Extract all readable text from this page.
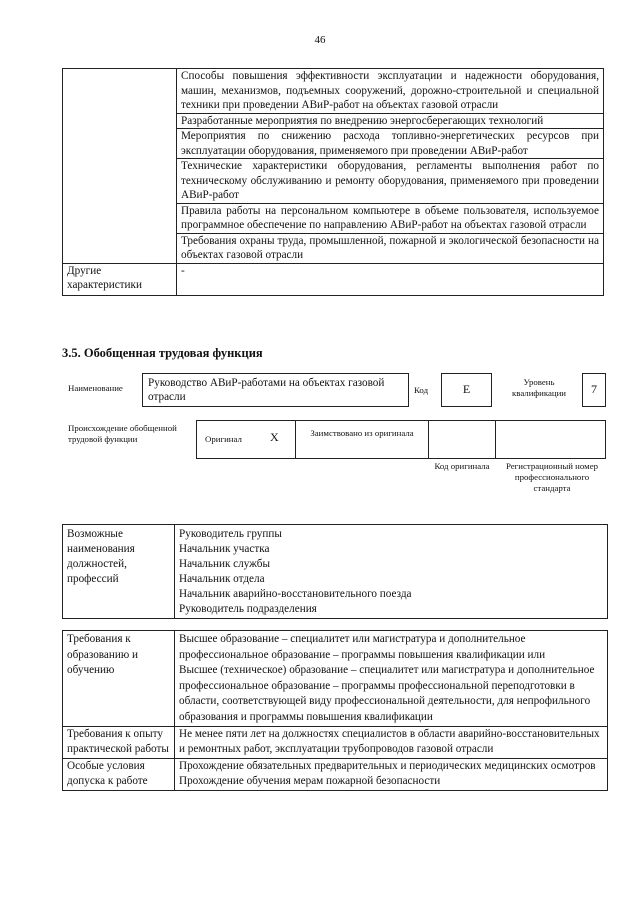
46
	Способы повышения эффективности эксплуатации и надежности оборудования, машин, механизмов, подъемных сооружений, дорожно-строительной и специальной техники при проведении АВиР-работ на объектах газовой отрасли
	Разработанные мероприятия по внедрению энергосберегающих технологий
	Мероприятия по снижению расхода топливно-энергетических ресурсов при эксплуатации оборудования, применяемого при проведении АВиР-работ
	Технические характеристики оборудования, регламенты выполнения работ по техническому обслуживанию и ремонту оборудования, применяемого при проведении АВиР-работ
	Правила работы на персональном компьютере в объеме пользователя, используемое программное обеспечение по направлению АВиР-работ на объектах газовой отрасли
	Требования охраны труда, промышленной, пожарной и экологической безопасности на объектах газовой отрасли
Другие характеристики	-
3.5. Обобщенная трудовая функция
Наименование Руководство АВиР-работами на объектах газовой отрасли
Код	E	Уровень квалификации	7
Происхождение обобщенной трудовой функции	Оригинал X	Заимствовано из оригинала
Код оригинала	Регистрационный номер профессионального стандарта
Возможные наименования должностей, профессий	
Руководитель группы
Начальник участка
Начальник службы
Начальник отдела
Начальник аварийно-восстановительного поезда
Руководитель подразделения
Требования к образованию и обучению	Высшее образование – специалитет или магистратура и дополнительное профессиональное образование – программы повышения квалификации или
Высшее (техническое) образование – специалитет или магистратура и дополнительное профессиональное образование – программы профессиональной переподготовки в области, соответствующей виду профессиональной деятельности, для непрофильного образования и программы повышения квалификации

Требования к опыту практической работы	Не менее пяти лет на должностях специалистов в области аварийно-восстановительных и ремонтных работ, эксплуатации трубопроводов газовой отрасли

Особые условия допуска к работе	Прохождение обязательных предварительных и периодических медицинских осмотров
Прохождение обучения мерам пожарной безопасности
